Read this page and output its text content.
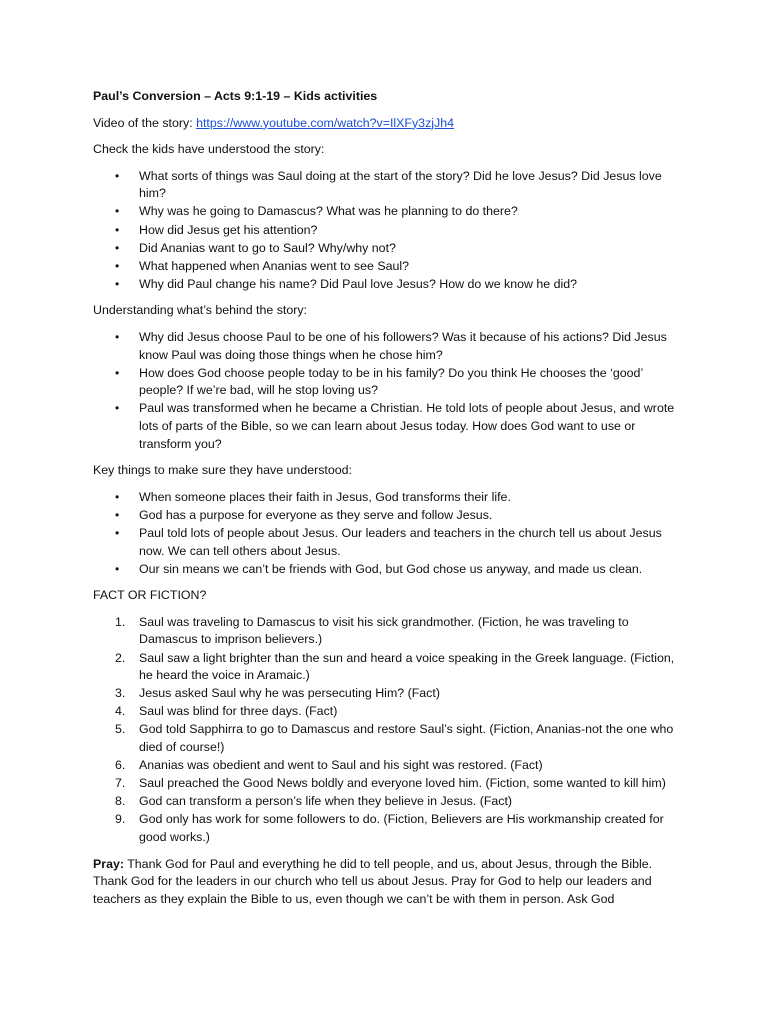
Paul’s Conversion – Acts 9:1-19 – Kids activities
Video of the story: https://www.youtube.com/watch?v=IlXFy3zjJh4
Check the kids have understood the story:
• What sorts of things was Saul doing at the start of the story? Did he love Jesus? Did Jesus love him?
• Why was he going to Damascus? What was he planning to do there?
• How did Jesus get his attention?
• Did Ananias want to go to Saul? Why/why not?
• What happened when Ananias went to see Saul?
• Why did Paul change his name? Did Paul love Jesus? How do we know he did?
Understanding what’s behind the story:
• Why did Jesus choose Paul to be one of his followers? Was it because of his actions? Did Jesus know Paul was doing those things when he chose him?
• How does God choose people today to be in his family? Do you think He chooses the ‘good’ people? If we’re bad, will he stop loving us?
• Paul was transformed when he became a Christian. He told lots of people about Jesus, and wrote lots of parts of the Bible, so we can learn about Jesus today. How does God want to use or transform you?
Key things to make sure they have understood:
• When someone places their faith in Jesus, God transforms their life.
• God has a purpose for everyone as they serve and follow Jesus.
• Paul told lots of people about Jesus. Our leaders and teachers in the church tell us about Jesus now. We can tell others about Jesus.
• Our sin means we can’t be friends with God, but God chose us anyway, and made us clean.
FACT OR FICTION?
1. Saul was traveling to Damascus to visit his sick grandmother. (Fiction, he was traveling to Damascus to imprison believers.)
2. Saul saw a light brighter than the sun and heard a voice speaking in the Greek language. (Fiction, he heard the voice in Aramaic.)
3. Jesus asked Saul why he was persecuting Him? (Fact)
4. Saul was blind for three days. (Fact)
5. God told Sapphirra to go to Damascus and restore Saul’s sight. (Fiction, Ananias-not the one who died of course!)
6. Ananias was obedient and went to Saul and his sight was restored. (Fact)
7. Saul preached the Good News boldly and everyone loved him. (Fiction, some wanted to kill him)
8. God can transform a person’s life when they believe in Jesus. (Fact)
9. God only has work for some followers to do. (Fiction, Believers are His workmanship created for good works.)
Pray: Thank God for Paul and everything he did to tell people, and us, about Jesus, through the Bible. Thank God for the leaders in our church who tell us about Jesus. Pray for God to help our leaders and teachers as they explain the Bible to us, even though we can’t be with them in person. Ask God
